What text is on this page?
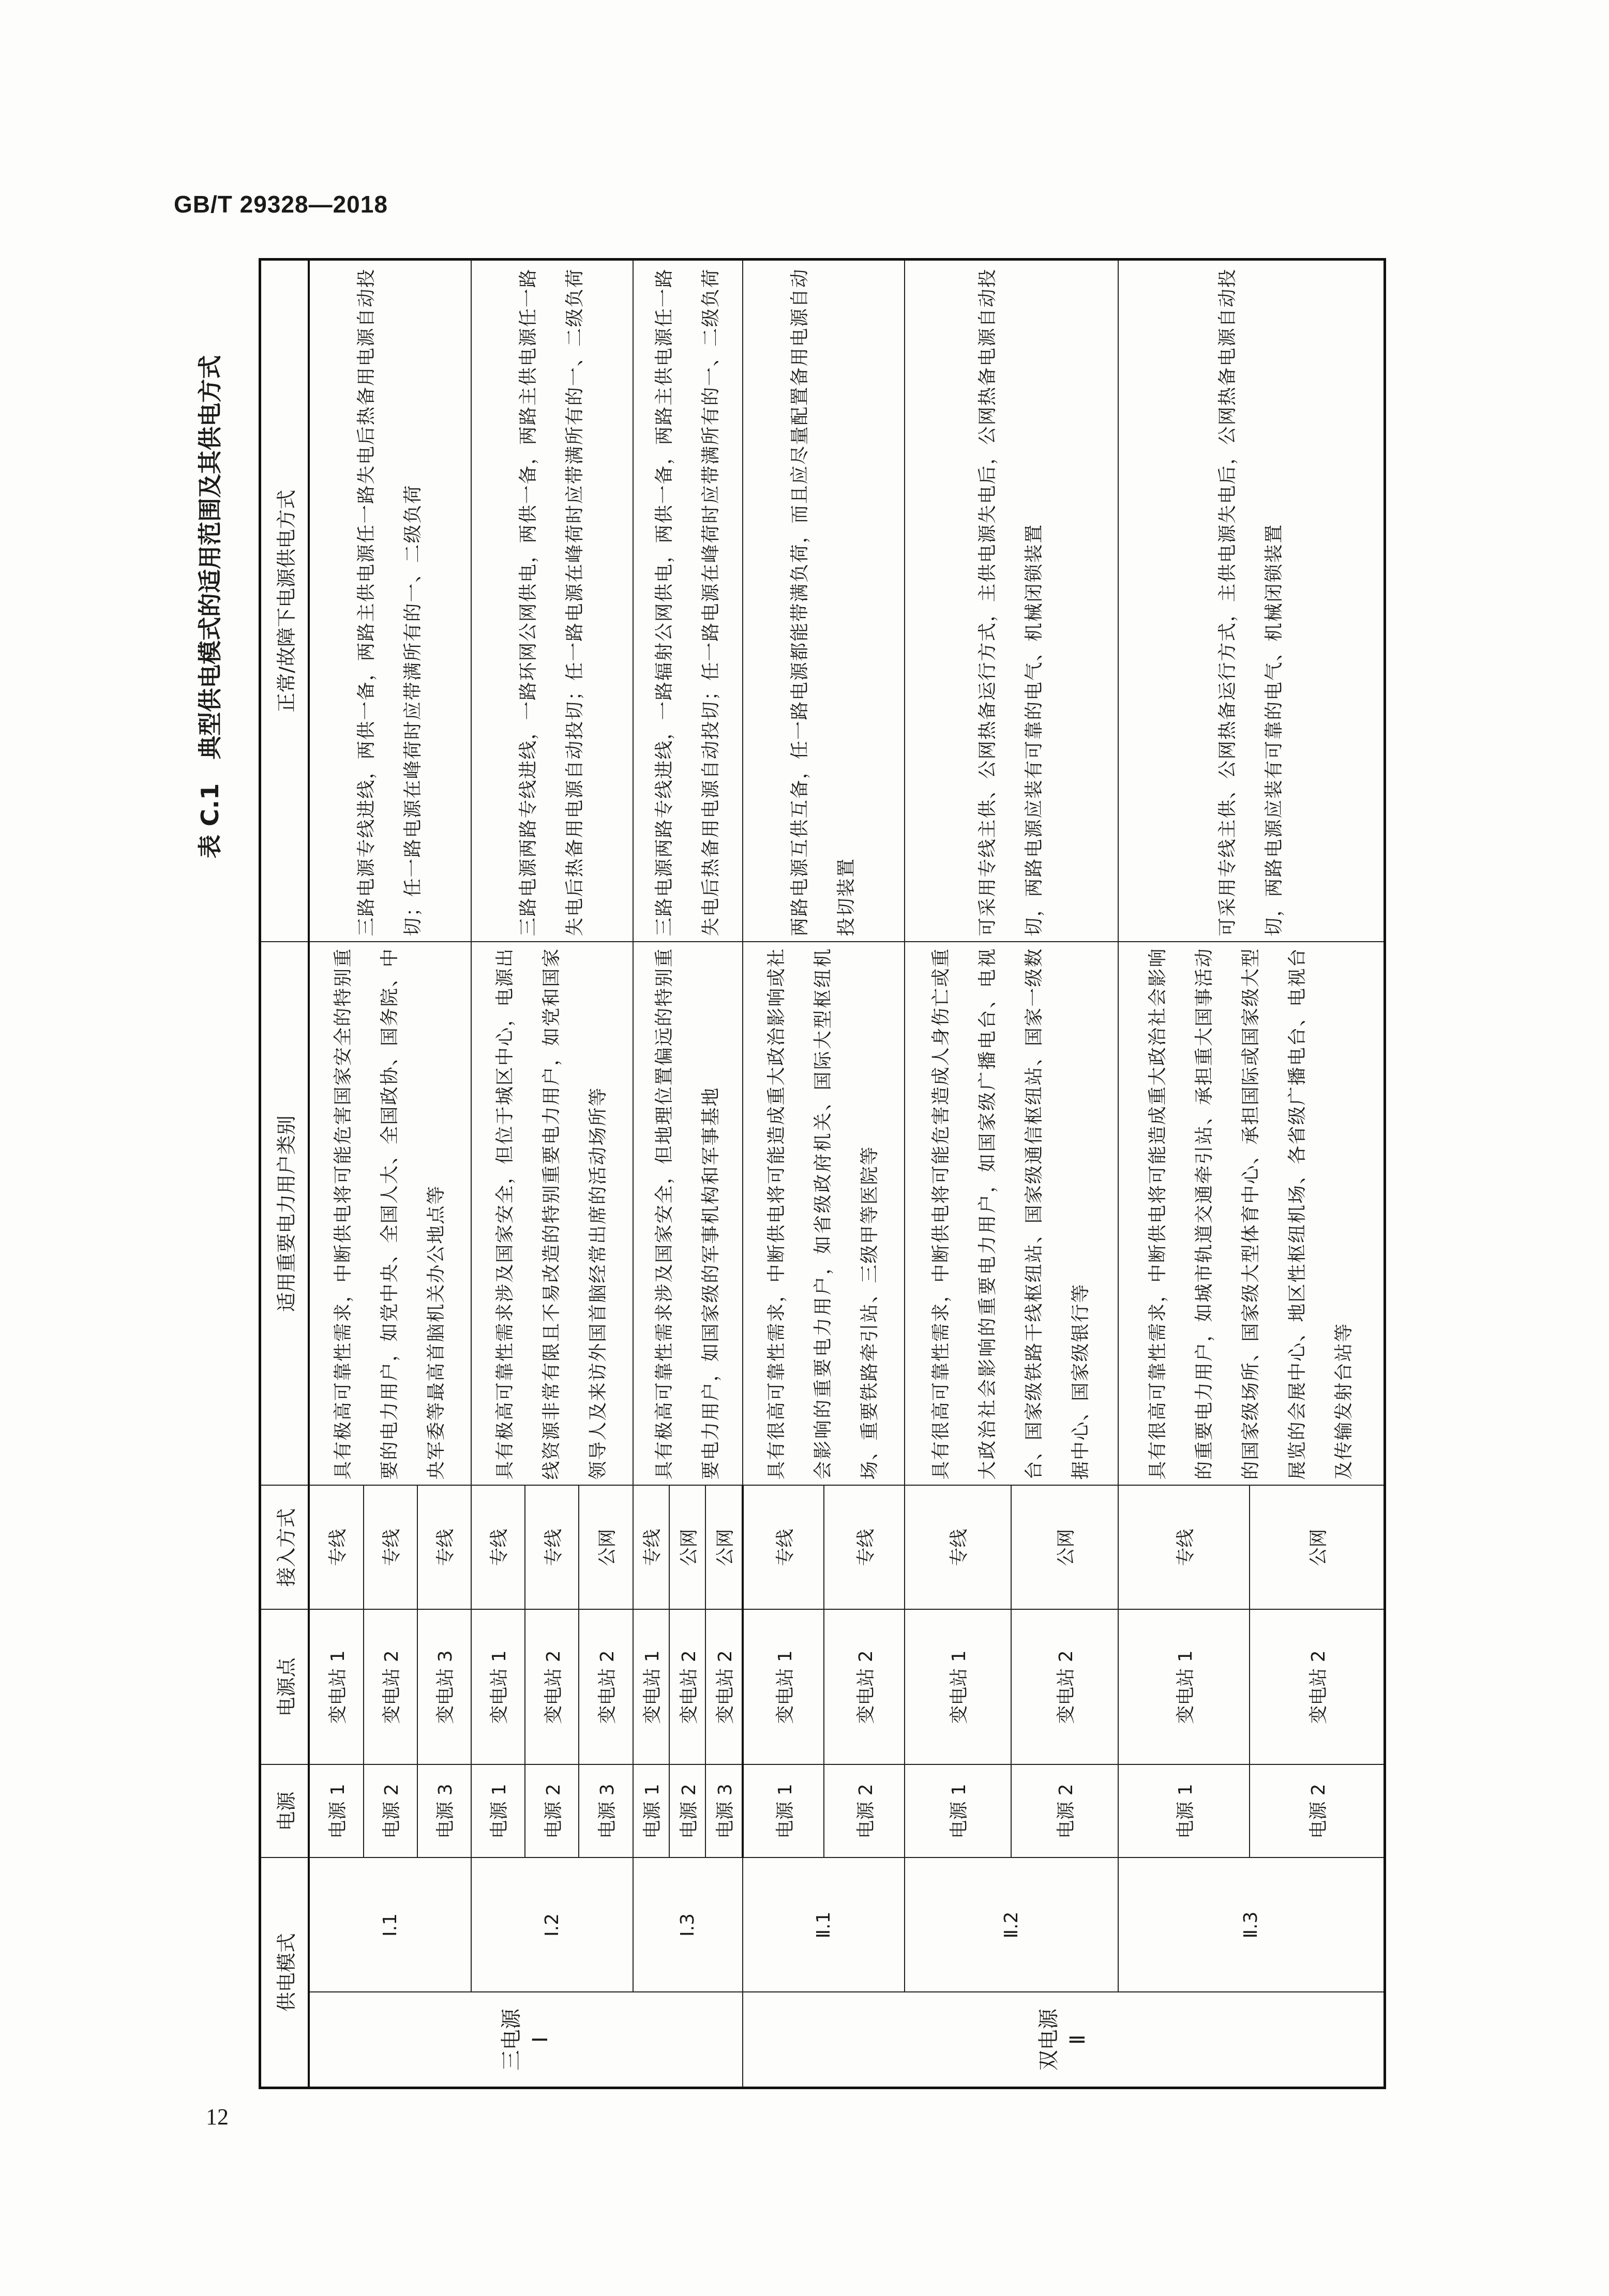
GB/T 29328—2018
表 C.1　典型供电模式的适用范围及其供电方式
供电模式		电源	电源点	接入方式	适用重要电力用户类别	正常/故障下电源供电方式
三电源 Ⅰ	Ⅰ.1	电源 1	变电站 1	专线	具有极高可靠性需求，中断供电将可能危害国家安全的特别重要的电力用户，如党中央、全国人大、全国政协、国务院、中央军委等最高首脑机关办公地点等	三路电源专线进线，两供一备，两路主供电源任一路失电后热备用电源自动投切；任一路电源在峰荷时应带满所有的一、二级负荷
		电源 2	变电站 2	专线		
		电源 3	变电站 3	专线		
	Ⅰ.2	电源 1	变电站 1	专线	具有极高可靠性需求涉及国家安全，但位于城区中心，电源出线资源非常有限且不易改造的特别重要电力用户，如党和国家领导人及来访外国首脑经常出席的活动场所等	三路电源两路专线进线，一路环网公网供电，两供一备，两路主供电源任一路失电后热备用电源自动投切；任一路电源在峰荷时应带满所有的一、二级负荷
		电源 2	变电站 2	专线		
		电源 3	变电站 2	公网		
	Ⅰ.3	电源 1	变电站 1	专线	具有极高可靠性需求涉及国家安全，但地理位置偏远的特别重要电力用户，如国家级的军事机构和军事基地	三路电源两路专线进线，一路辐射公网供电，两供一备，两路主供电源任一路失电后热备用电源自动投切；任一路电源在峰荷时应带满所有的一、二级负荷
		电源 2	变电站 2	公网		
		电源 3	变电站 2	公网		
双电源 Ⅱ	Ⅱ.1	电源 1	变电站 1	专线	具有很高可靠性需求，中断供电将可能造成重大政治影响或社会影响的重要电力用户，如省级政府机关、国际大型枢纽机场、重要铁路牵引站、三级甲等医院等	两路电源互供互备，任一路电源都能带满负荷，而且应尽量配置备用电源自动投切装置
		电源 2	变电站 2	专线		
	Ⅱ.2	电源 1	变电站 1	专线	具有很高可靠性需求，中断供电将可能危害造成人身伤亡或重大政治社会影响的重要电力用户，如国家级广播电台、电视台、国家级铁路干线枢纽站、国家级通信枢纽站、国家一级数据中心、国家级银行等	可采用专线主供、公网热备运行方式，主供电源失电后，公网热备电源自动投切，两路电源应装有可靠的电气、机械闭锁装置
		电源 2	变电站 2	公网		
	Ⅱ.3	电源 1	变电站 1	专线	具有很高可靠性需求，中断供电将可能造成重大政治社会影响的重要电力用户，如城市轨道交通牵引站、承担重大国事活动的国家级场所、国家级大型体育中心、承担国际或国家级大型展览的会展中心、地区性枢纽机场、各省级广播电台、电视台及传输发射台站等	可采用专线主供、公网热备运行方式，主供电源失电后，公网热备电源自动投切，两路电源应装有可靠的电气、机械闭锁装置
		电源 2	变电站 2	公网		
12
